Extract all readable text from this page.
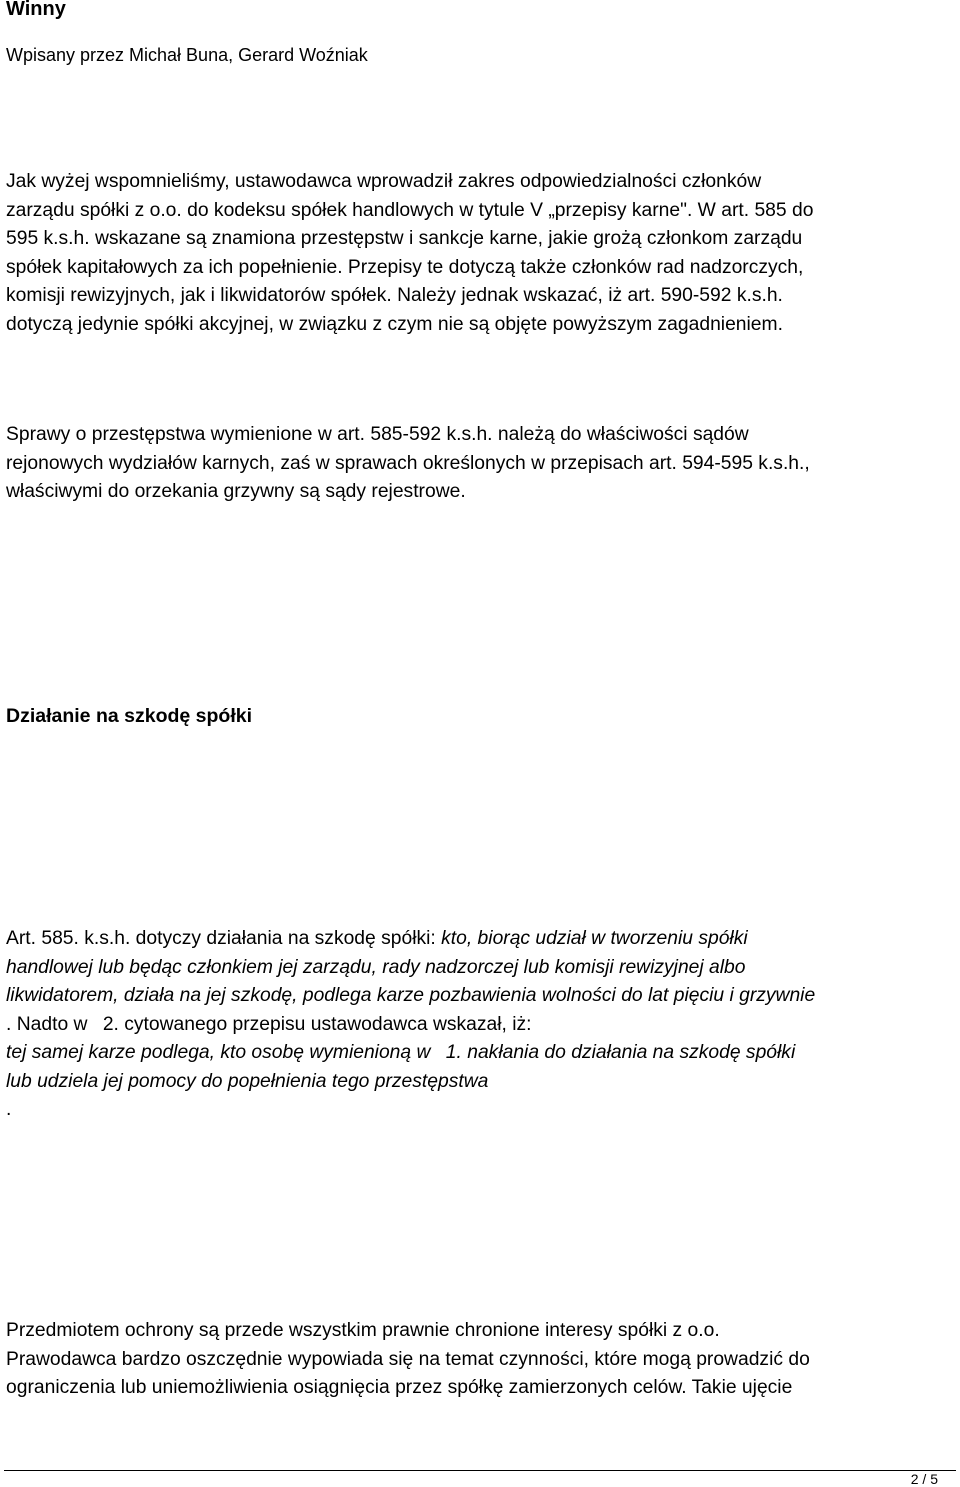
Winny
Wpisany przez Michał Buna, Gerard Woźniak
Jak wyżej wspomnieliśmy, ustawodawca wprowadził zakres odpowiedzialności członków
zarządu spółki z o.o. do kodeksu spółek handlowych w tytule V „przepisy karne". W art. 585 do
595 k.s.h. wskazane są znamiona przestępstw i sankcje karne, jakie grożą członkom zarządu
spółek kapitałowych za ich popełnienie. Przepisy te dotyczą także członków rad nadzorczych,
komisji rewizyjnych, jak i likwidatorów spółek. Należy jednak wskazać, iż art. 590-592 k.s.h.
dotyczą jedynie spółki akcyjnej, w związku z czym nie są objęte powyższym zagadnieniem.
Sprawy o przestępstwa wymienione w art. 585-592 k.s.h. należą do właściwości sądów
rejonowych wydziałów karnych, zaś w sprawach określonych w przepisach art. 594-595 k.s.h.,
właściwymi do orzekania grzywny są sądy rejestrowe.
Działanie na szkodę spółki
Art. 585. k.s.h. dotyczy działania na szkodę spółki: kto, biorąc udział w tworzeniu spółki
handlowej lub będąc członkiem jej zarządu, rady nadzorczej lub komisji rewizyjnej albo
likwidatorem, działa na jej szkodę, podlega karze pozbawienia wolności do lat pięciu i grzywnie
. Nadto w 2. cytowanego przepisu ustawodawca wskazał, iż:
tej samej karze podlega, kto osobę wymienioną w 1. nakłania do działania na szkodę spółki
lub udziela jej pomocy do popełnienia tego przestępstwa
.
Przedmiotem ochrony są przede wszystkim prawnie chronione interesy spółki z o.o.
Prawodawca bardzo oszczędnie wypowiada się na temat czynności, które mogą prowadzić do
ograniczenia lub uniemożliwienia osiągnięcia przez spółkę zamierzonych celów. Takie ujęcie
2 / 5
